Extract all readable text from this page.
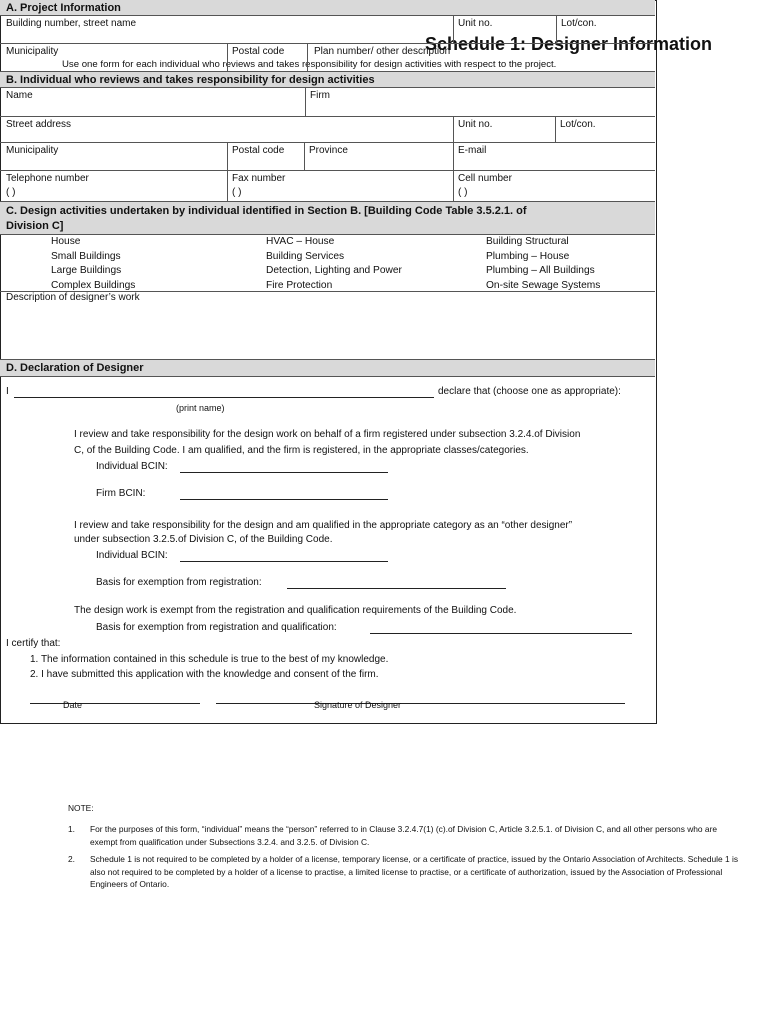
Schedule 1: Designer Information
Use one form for each individual who reviews and takes responsibility for design activities with respect to the project.
A. Project Information
Building number, street name	Unit no.	Lot/con.
Municipality	Postal code	Plan number/ other description
B. Individual who reviews and takes responsibility for design activities
Name	Firm
Street address	Unit no.	Lot/con.
Municipality	Postal code	Province	E-mail
Telephone number
( )
Fax number
( )
Cell number
( )
C. Design activities undertaken by individual identified in Section B. [Building Code Table 3.5.2.1. of
Division C]
House
Small Buildings
Large Buildings
Complex Buildings
HVAC – House
Building Services
Detection, Lighting and Power
Fire Protection
Building Structural
Plumbing – House
Plumbing – All Buildings
On-site Sewage Systems
Description of designer’s work
D. Declaration of Designer
I	declare that (choose one as appropriate):
(print name)
I review and take responsibility for the design work on behalf of a firm registered under subsection 3.2.4.of Division
C, of the Building Code. I am qualified, and the firm is registered, in the appropriate classes/categories.
Individual BCIN:
Firm BCIN:
I review and take responsibility for the design and am qualified in the appropriate category as an “other designer”
under subsection 3.2.5.of Division C, of the Building Code.
Individual BCIN:
Basis for exemption from registration:
The design work is exempt from the registration and qualification requirements of the Building Code.
Basis for exemption from registration and qualification:
I certify that:
1. The information contained in this schedule is true to the best of my knowledge.
2. I have submitted this application with the knowledge and consent of the firm.
Date	Signature of Designer
NOTE:
1. For the purposes of this form, “individual” means the “person” referred to in Clause 3.2.4.7(1) (c).of Division C, Article 3.2.5.1. of Division C, and all other persons who are exempt from qualification under Subsections 3.2.4. and 3.2.5. of Division C.
2. Schedule 1 is not required to be completed by a holder of a license, temporary license, or a certificate of practice, issued by the Ontario Association of Architects. Schedule 1 is also not required to be completed by a holder of a license to practise, a limited license to practise, or a certificate of authorization, issued by the Association of Professional Engineers of Ontario.
